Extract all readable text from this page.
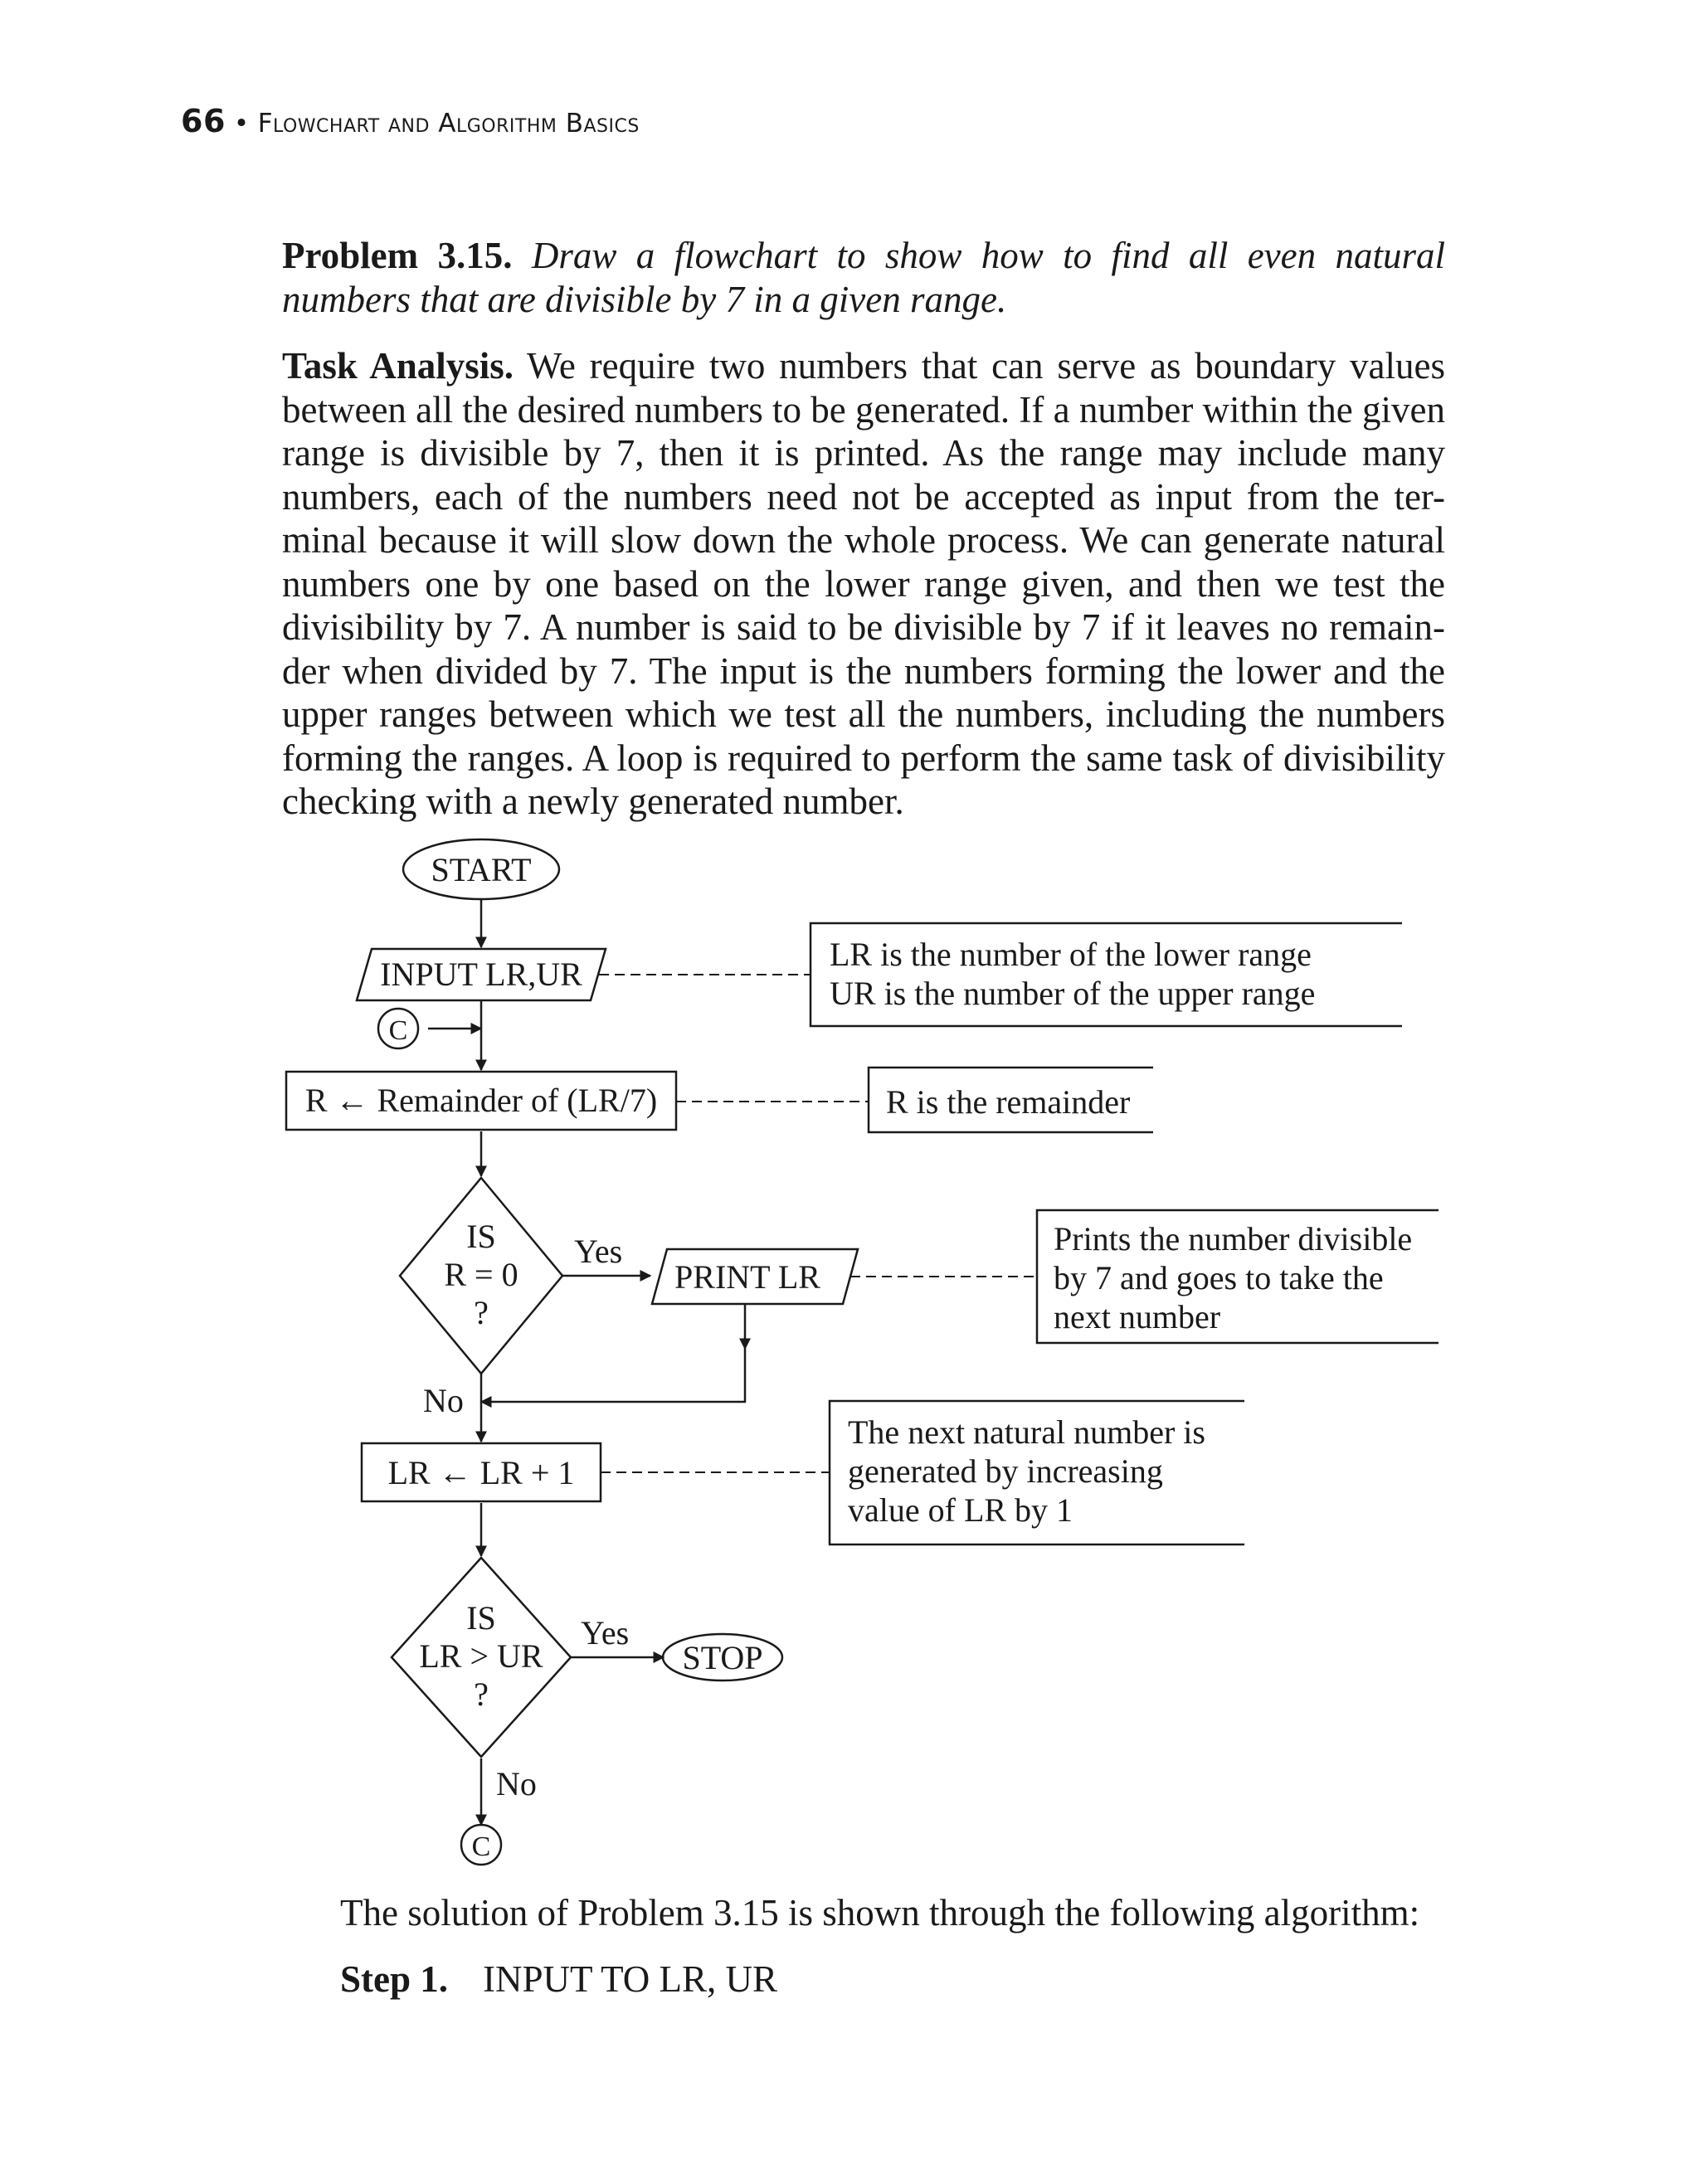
66 • Flowchart and Algorithm Basics

Problem 3.15. Draw a flowchart to show how to find all even natural numbers that are divisible by 7 in a given range.

Task Analysis. We require two numbers that can serve as boundary values between all the desired numbers to be generated. If a number within the given range is divisible by 7, then it is printed. As the range may include many numbers, each of the numbers need not be accepted as input from the ter-minal because it will slow down the whole process. We can generate natural numbers one by one based on the lower range given, and then we test the divisibility by 7. A number is said to be divisible by 7 if it leaves no remain-der when divided by 7. The input is the numbers forming the lower and the upper ranges between which we test all the numbers, including the numbers forming the ranges. A loop is required to perform the same task of divisibility checking with a newly generated number.

START
INPUT LR,UR
C
R ← Remainder of (LR/7)
IS
R = 0
?
Yes
PRINT LR
No
LR ← LR + 1
IS
LR > UR
?
Yes
STOP
No
C
LR is the number of the lower range
UR is the number of the upper range
R is the remainder
Prints the number divisible
by 7 and goes to take the
next number
The next natural number is
generated by increasing
value of LR by 1

The solution of Problem 3.15 is shown through the following algorithm:

Step 1. INPUT TO LR, UR
